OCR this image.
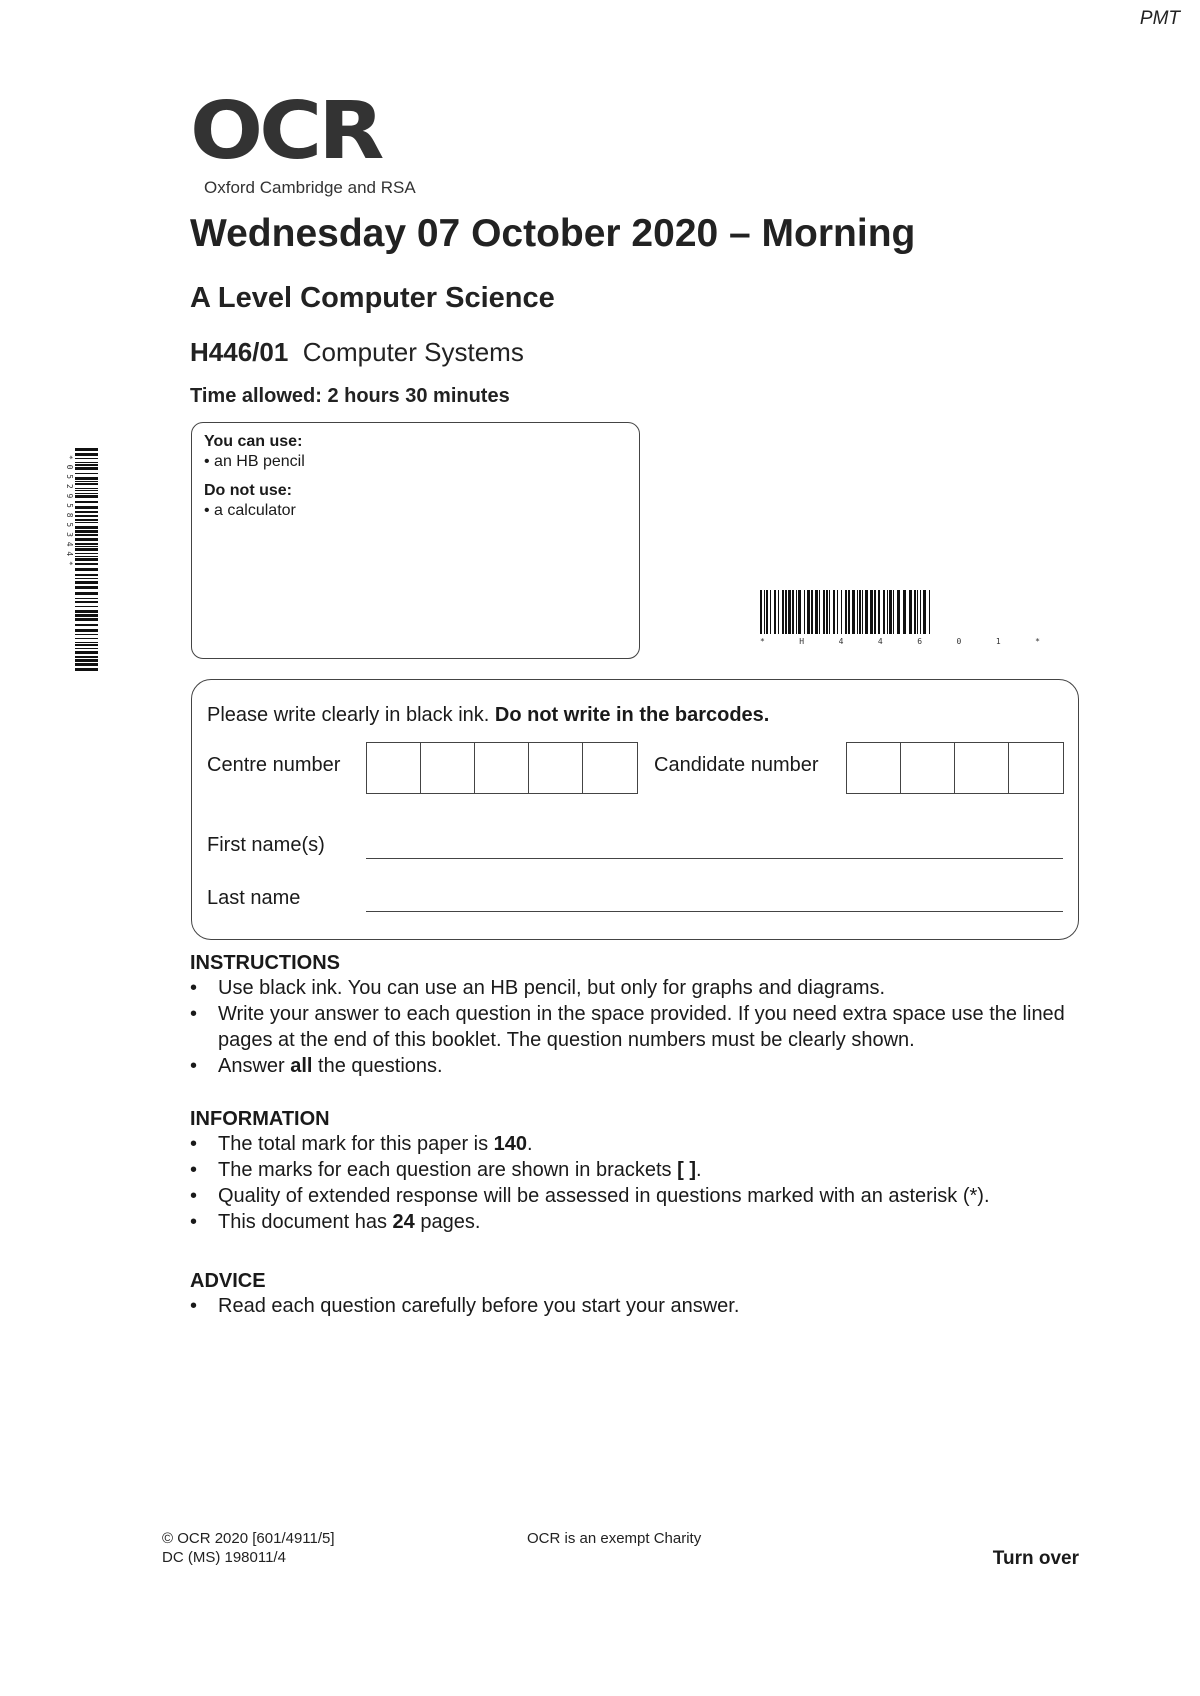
PMT
OCR
Oxford Cambridge and RSA
Wednesday 07 October 2020 – Morning
A Level Computer Science
H446/01 Computer Systems
Time allowed: 2 hours 30 minutes
You can use:
• an HB pencil
Do not use:
• a calculator
* 0 5 2 9 5 8 5 3 4 4 *
* H 4 4 6 0 1 *
Please write clearly in black ink. Do not write in the barcodes.
Centre number	Candidate number
First name(s)
Last name
INSTRUCTIONS
• Use black ink. You can use an HB pencil, but only for graphs and diagrams.
• Write your answer to each question in the space provided. If you need extra space use the lined pages at the end of this booklet. The question numbers must be clearly shown.
• Answer all the questions.
INFORMATION
• The total mark for this paper is 140.
• The marks for each question are shown in brackets [ ].
• Quality of extended response will be assessed in questions marked with an asterisk (*).
• This document has 24 pages.
ADVICE
• Read each question carefully before you start your answer.
© OCR 2020 [601/4911/5]
DC (MS) 198011/4
OCR is an exempt Charity
Turn over
